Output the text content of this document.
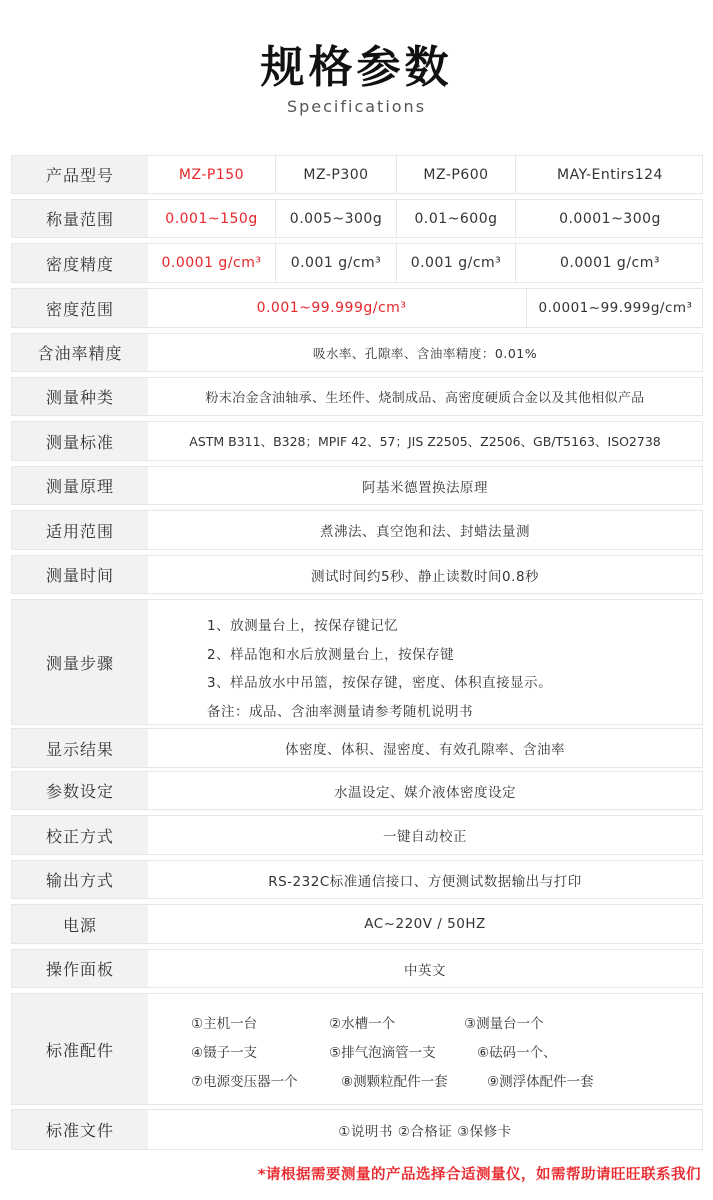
规格参数
Specifications
产品型号	MZ-P150	MZ-P300	MZ-P600	MAY-Entirs124
称量范围	0.001~150g	0.005~300g	0.01~600g	0.0001~300g
密度精度	0.0001 g/cm³	0.001 g/cm³	0.001 g/cm³	0.0001 g/cm³
密度范围	0.001~99.999g/cm³	0.0001~99.999g/cm³
含油率精度	吸水率、孔隙率、含油率精度：0.01%
测量种类	粉末冶金含油轴承、生坯件、烧制成品、高密度硬质合金以及其他相似产品
测量标准	ASTM B311、B328；MPIF 42、57；JIS Z2505、Z2506、GB/T5163、ISO2738
测量原理	阿基米德置换法原理
适用范围	煮沸法、真空饱和法、封蜡法量测
测量时间	测试时间约5秒、静止读数时间0.8秒
测量步骤
1、放测量台上，按保存键记忆
2、样品饱和水后放测量台上，按保存键
3、样品放水中吊篮，按保存键，密度、体积直接显示。
备注：成品、含油率测量请参考随机说明书
显示结果	体密度、体积、湿密度、有效孔隙率、含油率
参数设定	水温设定、媒介液体密度设定
校正方式	一键自动校正
输出方式	RS-232C标准通信接口、方便测试数据输出与打印
电源	AC~220V / 50HZ
操作面板	中英文
标准配件
①主机一台	②水槽一个	③测量台一个
④镊子一支	⑤排气泡滴管一支	⑥砝码一个、
⑦电源变压器一个	⑧测颗粒配件一套	⑨测浮体配件一套
标准文件	①说明书 ②合格证 ③保修卡
*请根据需要测量的产品选择合适测量仪，如需帮助请旺旺联系我们
